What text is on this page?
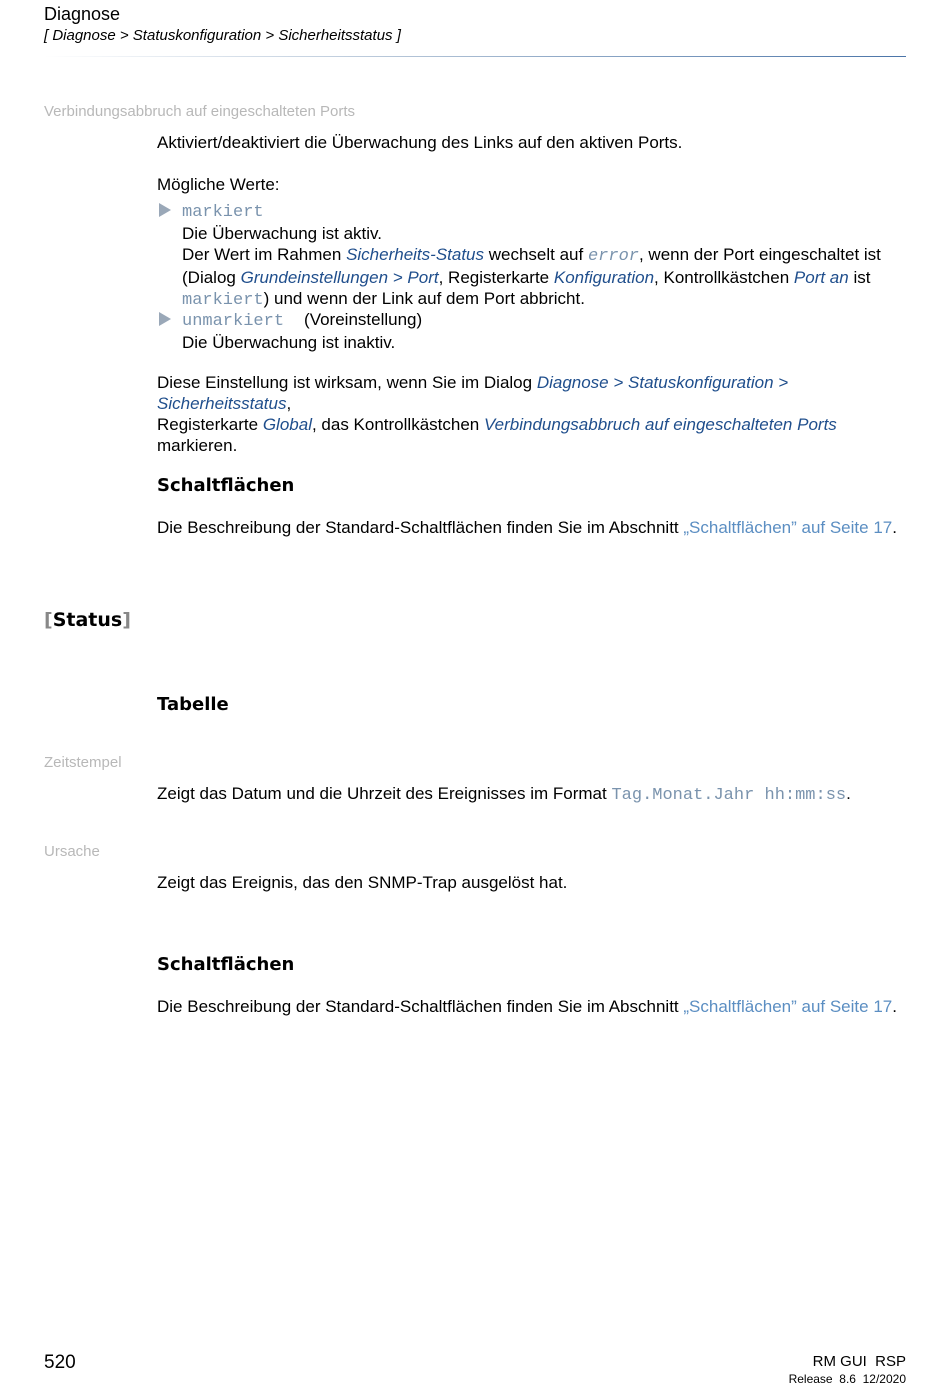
Diagnose
[ Diagnose > Statuskonfiguration > Sicherheitsstatus ]
Verbindungsabbruch auf eingeschalteten Ports
Aktiviert/deaktiviert die Überwachung des Links auf den aktiven Ports.
Mögliche Werte:
markiert
Die Überwachung ist aktiv.
Der Wert im Rahmen Sicherheits-Status wechselt auf error, wenn der Port eingeschaltet ist
(Dialog Grundeinstellungen > Port, Registerkarte Konfiguration, Kontrollkästchen Port an ist
markiert) und wenn der Link auf dem Port abbricht.
unmarkiert (Voreinstellung)
Die Überwachung ist inaktiv.
Diese Einstellung ist wirksam, wenn Sie im Dialog Diagnose > Statuskonfiguration > Sicherheitsstatus,
Registerkarte Global, das Kontrollkästchen Verbindungsabbruch auf eingeschalteten Ports markieren.
Schaltflächen
Die Beschreibung der Standard-Schaltflächen finden Sie im Abschnitt „Schaltflächen” auf Seite 17.
[Status]
Tabelle
Zeitstempel
Zeigt das Datum und die Uhrzeit des Ereignisses im Format Tag.Monat.Jahr hh:mm:ss.
Ursache
Zeigt das Ereignis, das den SNMP-Trap ausgelöst hat.
Schaltflächen
Die Beschreibung der Standard-Schaltflächen finden Sie im Abschnitt „Schaltflächen” auf Seite 17.
520	RM GUI  RSP
Release  8.6  12/2020
